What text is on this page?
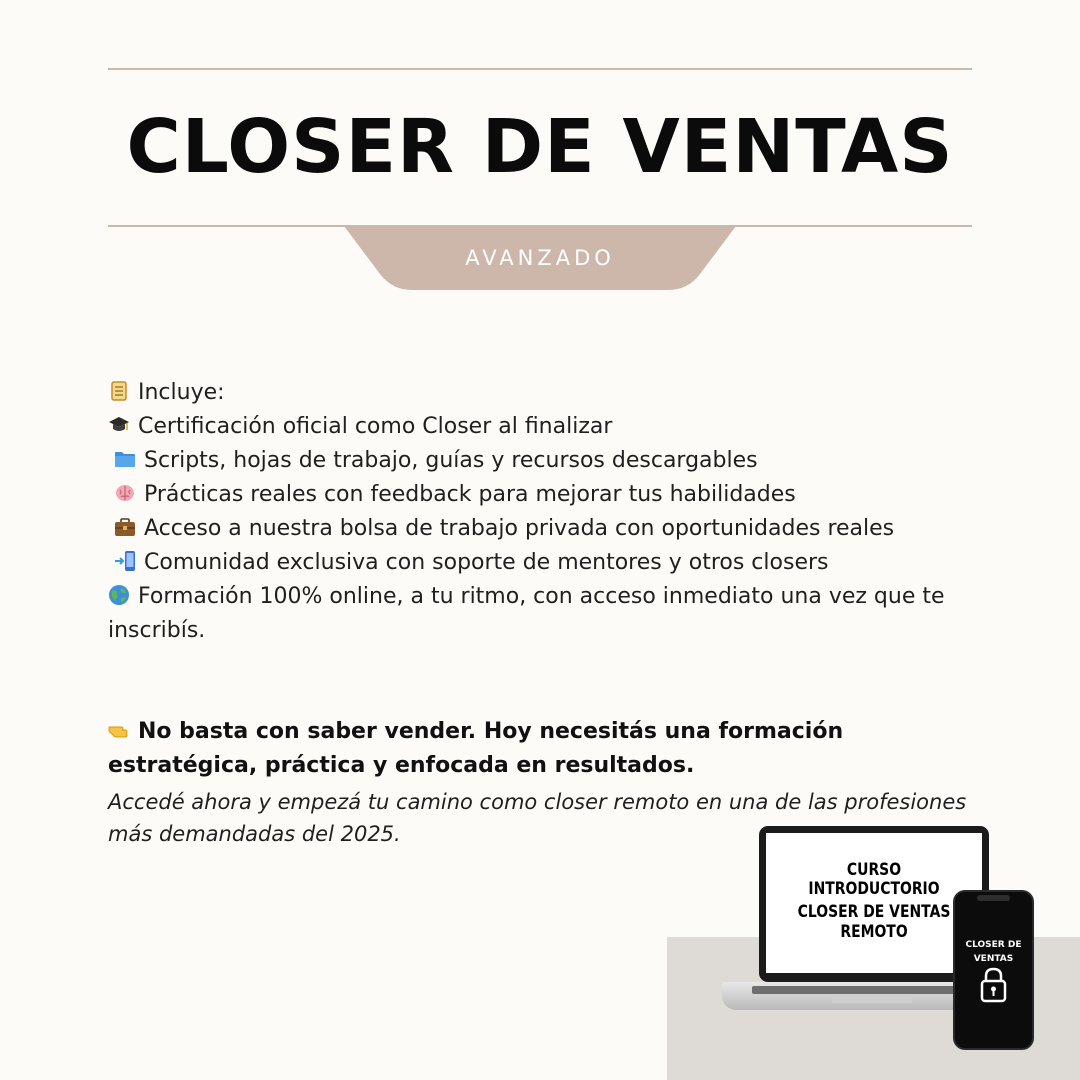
CLOSER DE VENTAS
AVANZADO
Incluye:
Certificación oficial como Closer al finalizar
Scripts, hojas de trabajo, guías y recursos descargables
Prácticas reales con feedback para mejorar tus habilidades
Acceso a nuestra bolsa de trabajo privada con oportunidades reales
Comunidad exclusiva con soporte de mentores y otros closers
Formación 100% online, a tu ritmo, con acceso inmediato una vez que te inscribís.
No basta con saber vender. Hoy necesitás una formación estratégica, práctica y enfocada en resultados.
Accedé ahora y empezá tu camino como closer remoto en una de las profesiones más demandadas del 2025.
CURSO INTRODUCTORIO
CLOSER DE VENTAS
REMOTO
CLOSER DE
VENTAS
